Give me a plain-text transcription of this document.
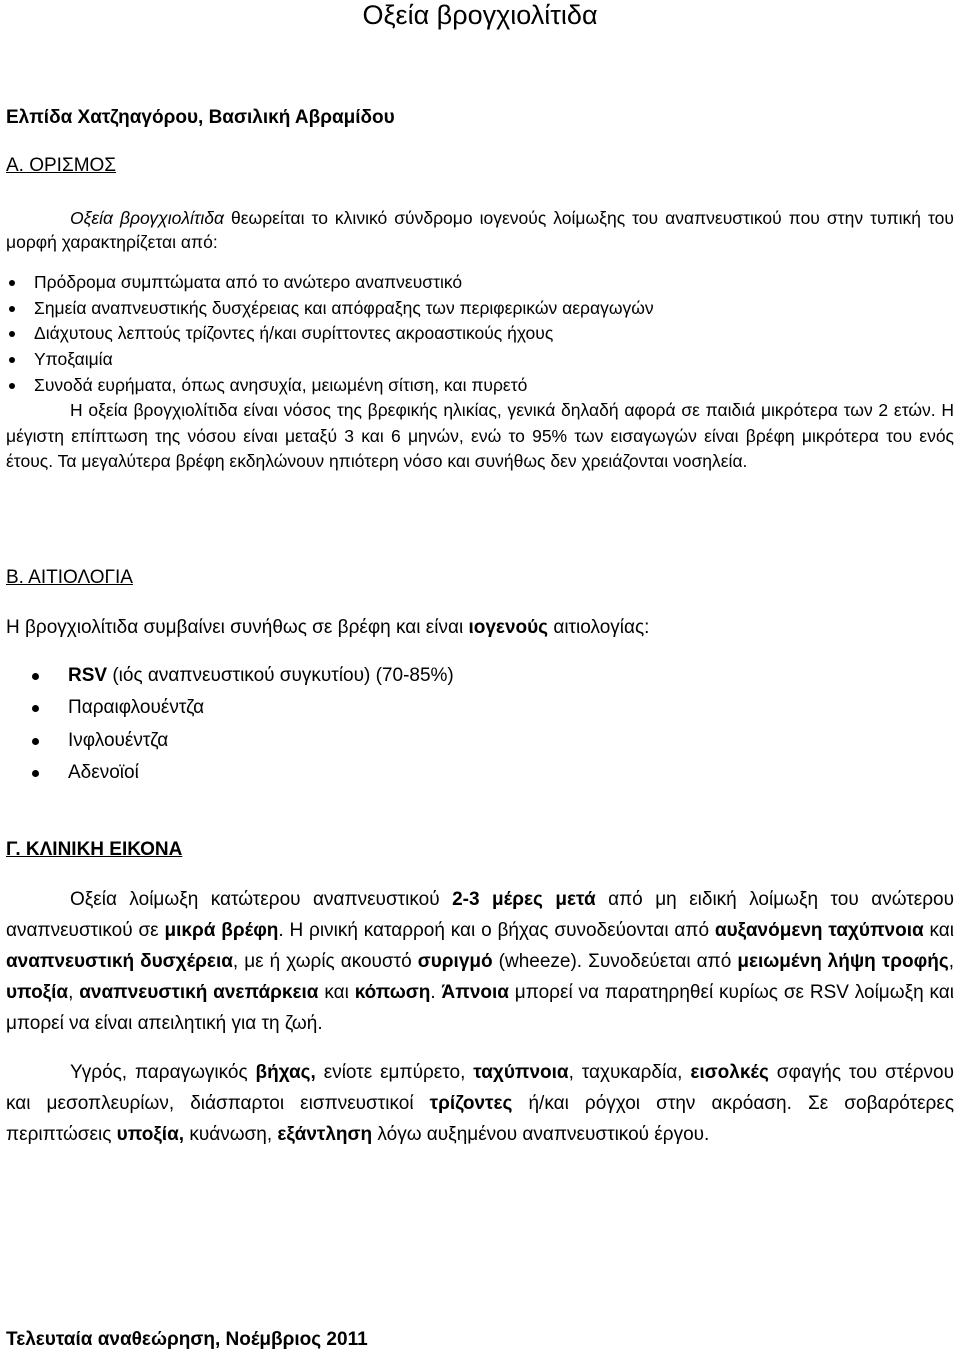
Οξεία βρογχιολίτιδα
Ελπίδα Χατζηαγόρου, Βασιλική Αβραμίδου
Α. ΟΡΙΣΜΟΣ
Οξεία βρογχιολίτιδα θεωρείται το κλινικό σύνδρομο ιογενούς λοίμωξης του αναπνευστικού που στην τυπική του μορφή χαρακτηρίζεται από:
Πρόδρομα συμπτώματα από το ανώτερο αναπνευστικό
Σημεία αναπνευστικής δυσχέρειας και απόφραξης των περιφερικών αεραγωγών
Διάχυτους λεπτούς τρίζοντες ή/και συρίττοντες ακροαστικούς ήχους
Υποξαιμία
Συνοδά ευρήματα, όπως ανησυχία, μειωμένη σίτιση, και πυρετό
Η οξεία βρογχιολίτιδα είναι νόσος της βρεφικής ηλικίας, γενικά δηλαδή αφορά σε παιδιά μικρότερα των 2 ετών. Η μέγιστη επίπτωση της νόσου είναι μεταξύ 3 και 6 μηνών, ενώ το 95% των εισαγωγών είναι βρέφη μικρότερα του ενός έτους. Τα μεγαλύτερα βρέφη εκδηλώνουν ηπιότερη νόσο και συνήθως δεν χρειάζονται νοσηλεία.
Β. ΑΙΤΙΟΛΟΓΙΑ
Η βρογχιολίτιδα συμβαίνει συνήθως σε βρέφη και είναι ιογενούς αιτιολογίας:
RSV (ιός αναπνευστικού συγκυτίου) (70-85%)
Παραιφλουέντζα
Ινφλουέντζα
Αδενοϊοί
Γ. ΚΛΙΝΙΚΗ ΕΙΚΟΝΑ
Οξεία λοίμωξη κατώτερου αναπνευστικού 2-3 μέρες μετά από μη ειδική λοίμωξη του ανώτερου αναπνευστικού σε μικρά βρέφη. Η ρινική καταρροή και ο βήχας συνοδεύονται από αυξανόμενη ταχύπνοια και αναπνευστική δυσχέρεια, με ή χωρίς ακουστό συριγμό (wheeze). Συνοδεύεται από μειωμένη λήψη τροφής, υποξία, αναπνευστική ανεπάρκεια και κόπωση. Άπνοια μπορεί να παρατηρηθεί κυρίως σε RSV λοίμωξη και μπορεί να είναι απειλητική για τη ζωή.
Υγρός, παραγωγικός βήχας, ενίοτε εμπύρετο, ταχύπνοια, ταχυκαρδία, εισολκές σφαγής του στέρνου και μεσοπλευρίων, διάσπαρτοι εισπνευστικοί τρίζοντες ή/και ρόγχοι στην ακρόαση. Σε σοβαρότερες περιπτώσεις υποξία, κυάνωση, εξάντληση λόγω αυξημένου αναπνευστικού έργου.
Τελευταία αναθεώρηση, Νοέμβριος 2011
